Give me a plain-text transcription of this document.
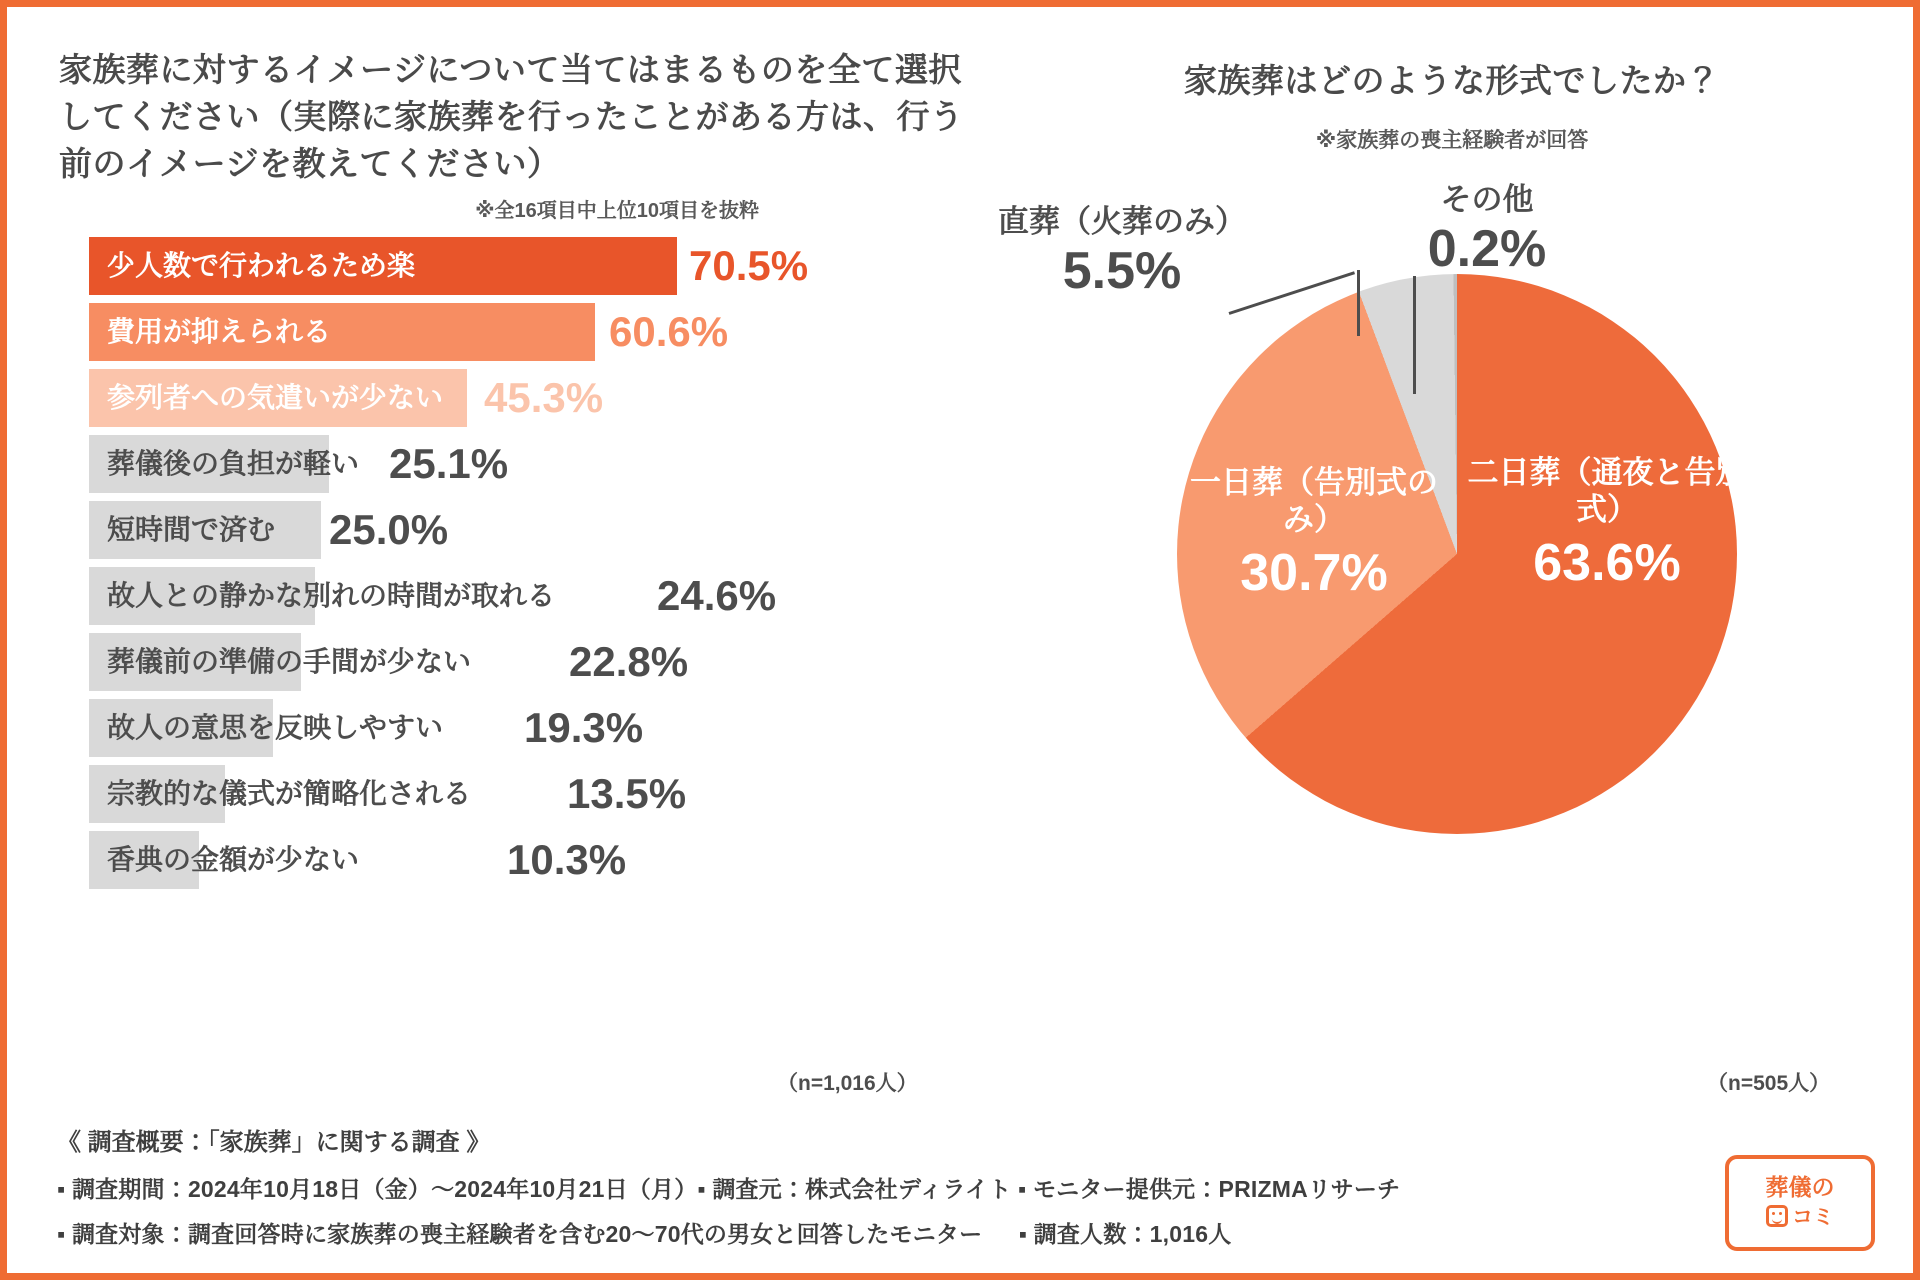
家族葬に対するイメージについて当てはまるものを全て選択してください（実際に家族葬を行ったことがある方は、行う前のイメージを教えてください）
※全16項目中上位10項目を抜粋
少人数で行われるため楽	70.5%
費用が抑えられる	60.6%
参列者への気遣いが少ない 45.3%
葬儀後の負担が軽い 25.1%
短時間で済む 25.0%
故人との静かな別れの時間が取れる 24.6%
葬儀前の準備の手間が少ない 22.8%
故人の意思を反映しやすい 19.3%
宗教的な儀式が簡略化される 13.5%
香典の金額が少ない	10.3%
（n=1,016人）
家族葬はどのような形式でしたか？
※家族葬の喪主経験者が回答
二日葬（通夜と告別式）
63.6%
一日葬（告別式のみ）
30.7%
直葬（火葬のみ）
5.5%
その他
0.2%
（n=505人）
《 調査概要：「家族葬」に関する調査 》
▪ 調査期間：2024年10月18日（金）〜2024年10月21日（月）▪ 調査元：株式会社ディライト ▪ モニター提供元：PRIZMAリサーチ
▪ 調査対象：調査回答時に家族葬の喪主経験者を含む20〜70代の男女と回答したモニター 　 ▪ 調査人数：1,016人
葬儀の
コミ
